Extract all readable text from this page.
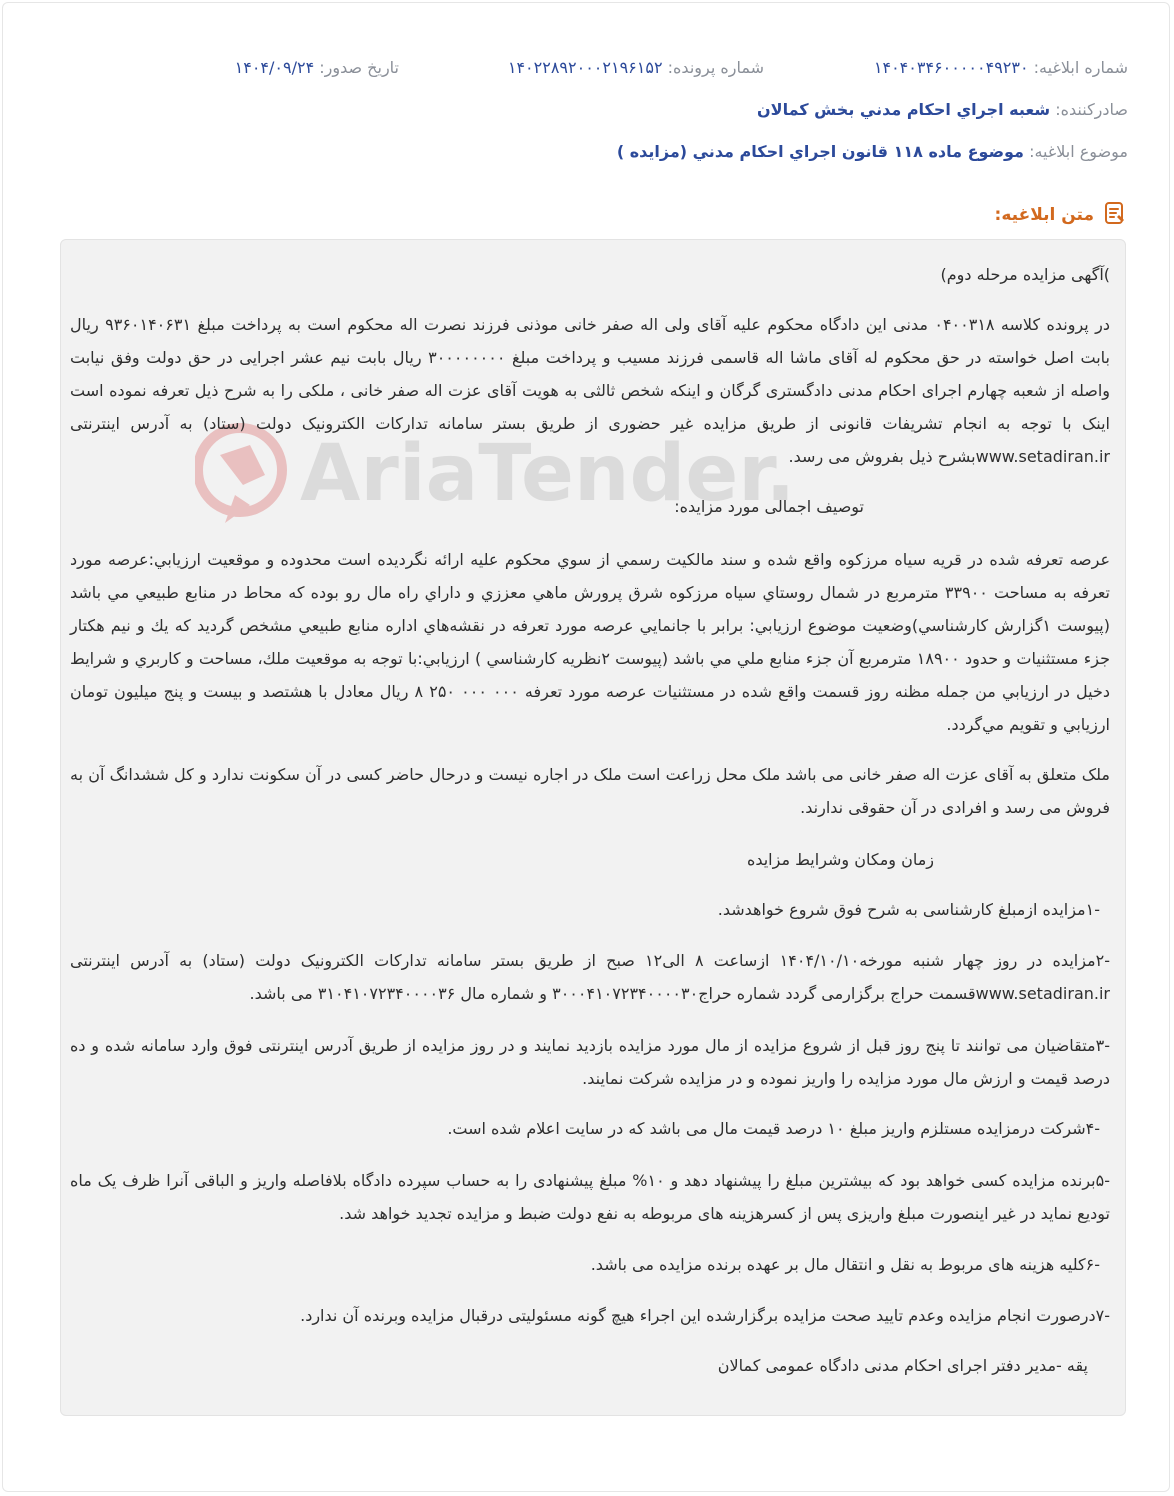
شماره ابلاغیه: ۱۴۰۴۰۳۴۶۰۰۰۰۰۴۹۲۳۰
شماره پرونده: ۱۴۰۲۲۸۹۲۰۰۰۲۱۹۶۱۵۲
تاریخ صدور: ۱۴۰۴/۰۹/۲۴
صادرکننده: شعبه اجراي احكام مدني بخش كمالان
موضوع ابلاغیه: موضوع ماده ۱۱۸ قانون اجراي احكام مدني (مزايده )
متن ابلاغیه:
AriaTender.
)آگهی مزایده مرحله دوم)
در پرونده کلاسه ۰۴۰۰۳۱۸ مدنی این دادگاه محکوم علیه آقای ولی اله صفر خانی موذنی فرزند نصرت اله محکوم است به پرداخت مبلغ ۹۳۶۰۱۴۰۶۳۱ ریال بابت اصل خواسته در حق محکوم له آقای ماشا اله قاسمی فرزند مسیب و پرداخت مبلغ ۳۰۰۰۰۰۰۰۰ ریال بابت نیم عشر اجرایی در حق دولت وفق نیابت واصله از شعبه چهارم اجرای احکام مدنی دادگستری گرگان و اینکه شخص ثالثی به هویت آقای عزت اله صفر خانی ، ملکی را به شرح ذیل تعرفه نموده است اینک با توجه به انجام تشریفات قانونی از طریق مزایده غیر حضوری از طریق بستر سامانه تدارکات الکترونیک دولت (ستاد) به آدرس اینترنتی www.setadiran.irبشرح ذیل بفروش می رسد.
توصیف اجمالی مورد مزایده:
عرصه تعرفه شده در قريه سياه مرزكوه واقع شده و سند مالكيت رسمي از سوي محكوم عليه ارائه نگرديده است محدوده و موقعيت ارزيابي:عرصه مورد تعرفه به مساحت ۳۳۹۰۰ مترمربع در شمال روستاي سياه مرزكوه شرق پرورش ماهي معززي و داراي راه مال رو بوده كه محاط در منابع طبيعي مي باشد (پيوست ۱گزارش كارشناسي)وضعيت موضوع ارزيابي: برابر با جانمايي عرصه مورد تعرفه در نقشه‌هاي اداره منابع طبيعي مشخص گرديد كه يك و نيم هكتار جزء مستثنيات و حدود ۱۸۹۰۰ مترمربع آن جزء منابع ملي مي باشد (پيوست ۲نظريه كارشناسي ) ارزيابي:با توجه به موقعيت ملك، مساحت و كاربري و شرايط دخيل در ارزيابي من جمله مظنه روز قسمت واقع شده در مستثنيات عرصه مورد تعرفه ۰۰۰ ۰۰۰ ۲۵۰ ۸ ريال معادل با هشتصد و بيست و پنج ميليون تومان ارزيابي و تقويم مي‌گردد.
ملک متعلق به آقای عزت اله صفر خانی می باشد ملک محل زراعت است ملک در اجاره نیست و درحال حاضر کسی در آن سکونت ندارد و کل ششدانگ آن به فروش می رسد و افرادی در آن حقوقی ندارند.
زمان ومکان وشرایط مزایده
-۱مزایده ازمبلغ کارشناسی به شرح فوق شروع خواهدشد.
-۲مزایده در روز چهار شنبه مورخه۱۴۰۴/۱۰/۱۰ ازساعت ۸ الی۱۲ صبح از طریق بستر سامانه تدارکات الکترونیک دولت (ستاد) به آدرس اینترنتی www.setadiran.irقسمت حراج برگزارمی گردد شماره حراج۳۰۰۰۴۱۰۷۲۳۴۰۰۰۰۳۰ و شماره مال ۳۱۰۴۱۰۷۲۳۴۰۰۰۰۳۶ می باشد.
-۳متقاضیان می توانند تا پنج روز قبل از شروع مزایده از مال مورد مزایده بازدید نمایند و در روز مزایده از طریق آدرس اینترنتی فوق وارد سامانه شده و ده درصد قیمت و ارزش مال مورد مزایده را واریز نموده و در مزایده شرکت نمایند.
-۴شرکت درمزایده مستلزم واریز مبلغ ۱۰ درصد قیمت مال می باشد که در سایت اعلام شده است.
-۵برنده مزایده کسی خواهد بود که بیشترین مبلغ را پیشنهاد دهد و ۱۰% مبلغ پیشنهادی را به حساب سپرده دادگاه بلافاصله واریز و الباقی آنرا ظرف یک ماه تودیع نماید در غیر اینصورت مبلغ واریزی پس از کسرهزینه های مربوطه به نفع دولت ضبط و مزایده تجدید خواهد شد.
-۶کلیه هزینه های مربوط به نقل و انتقال مال بر عهده برنده مزایده می باشد.
-۷درصورت انجام مزایده وعدم تایید صحت مزایده برگزارشده این اجراء هیچ گونه مسئولیتی درقبال مزایده وبرنده آن ندارد.
پقه -مدیر دفتر اجرای احکام مدنی دادگاه عمومی کمالان
